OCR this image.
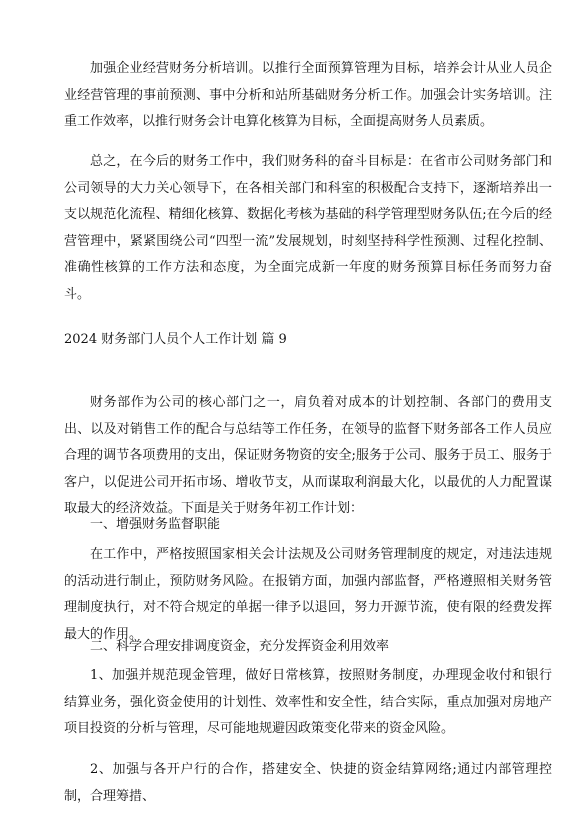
加强企业经营财务分析培训。以推行全面预算管理为目标，培养会计从业人员企业经营管理的事前预测、事中分析和站所基础财务分析工作。加强会计实务培训。注重工作效率，以推行财务会计电算化核算为目标，全面提高财务人员素质。

总之，在今后的财务工作中，我们财务科的奋斗目标是：在省市公司财务部门和公司领导的大力关心领导下，在各相关部门和科室的积极配合支持下，逐渐培养出一支以规范化流程、精细化核算、数据化考核为基础的科学管理型财务队伍;在今后的经营管理中，紧紧围绕公司“四型一流”发展规划，时刻坚持科学性预测、过程化控制、准确性核算的工作方法和态度，为全面完成新一年度的财务预算目标任务而努力奋斗。

2024 财务部门人员个人工作计划 篇 9

财务部作为公司的核心部门之一，肩负着对成本的计划控制、各部门的费用支出、以及对销售工作的配合与总结等工作任务，在领导的监督下财务部各工作人员应合理的调节各项费用的支出，保证财务物资的安全;服务于公司、服务于员工、服务于客户，以促进公司开拓市场、增收节支，从而谋取利润最大化，以最优的人力配置谋取最大的经济效益。下面是关于财务年初工作计划：

一、增强财务监督职能

在工作中，严格按照国家相关会计法规及公司财务管理制度的规定，对违法违规的活动进行制止，预防财务风险。在报销方面，加强内部监督，严格遵照相关财务管理制度执行，对不符合规定的单据一律予以退回，努力开源节流，使有限的经费发挥最大的作用。

二、科学合理安排调度资金，充分发挥资金利用效率

1、加强并规范现金管理，做好日常核算，按照财务制度，办理现金收付和银行结算业务，强化资金使用的计划性、效率性和安全性，结合实际，重点加强对房地产项目投资的分析与管理，尽可能地规避因政策变化带来的资金风险。

2、加强与各开户行的合作，搭建安全、快捷的资金结算网络;通过内部管理控制，合理筹措、
